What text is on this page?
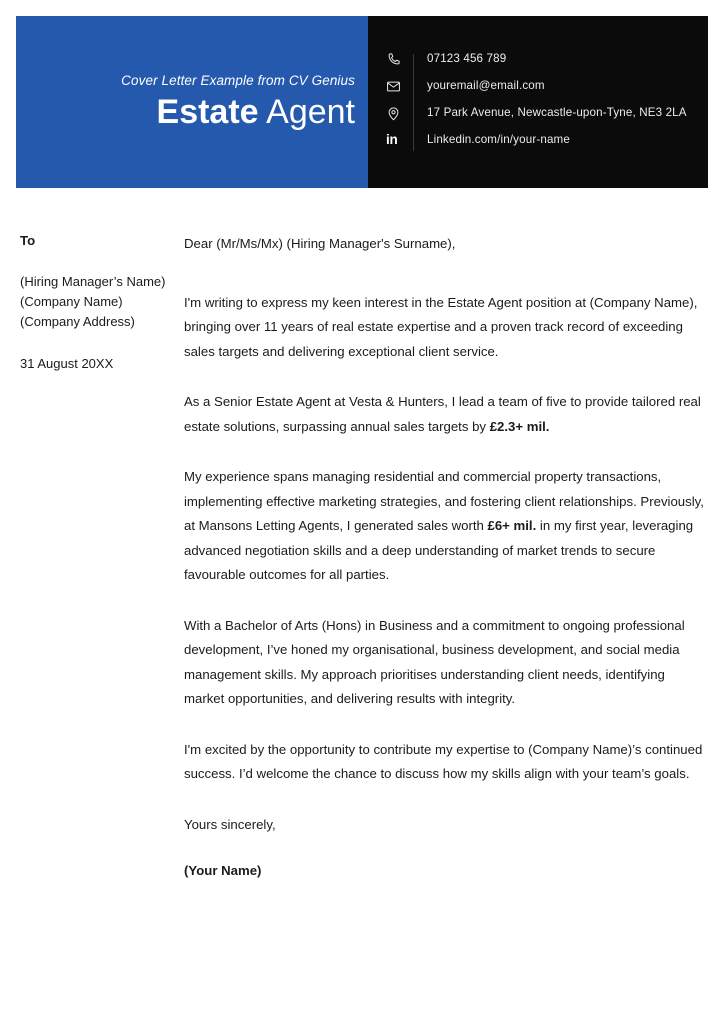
Cover Letter Example from CV Genius
Estate Agent
07123 456 789
youremail@email.com
17 Park Avenue, Newcastle-upon-Tyne, NE3 2LA
in	Linkedin.com/in/your-name
To
(Hiring Manager’s Name)
(Company Name)
(Company Address)
31 August 20XX

Dear (Mr/Ms/Mx) (Hiring Manager's Surname),

I'm writing to express my keen interest in the Estate Agent position at (Company Name), bringing over 11 years of real estate expertise and a proven track record of exceeding sales targets and delivering exceptional client service.

As a Senior Estate Agent at Vesta & Hunters, I lead a team of five to provide tailored real estate solutions, surpassing annual sales targets by £2.3+ mil.

My experience spans managing residential and commercial property transactions, implementing effective marketing strategies, and fostering client relationships. Previously, at Mansons Letting Agents, I generated sales worth £6+ mil. in my first year, leveraging advanced negotiation skills and a deep understanding of market trends to secure favourable outcomes for all parties.

With a Bachelor of Arts (Hons) in Business and a commitment to ongoing professional development, I’ve honed my organisational, business development, and social media management skills. My approach prioritises understanding client needs, identifying market opportunities, and delivering results with integrity.

I'm excited by the opportunity to contribute my expertise to (Company Name)’s continued success. I’d welcome the chance to discuss how my skills align with your team’s goals.

Yours sincerely,

(Your Name)
